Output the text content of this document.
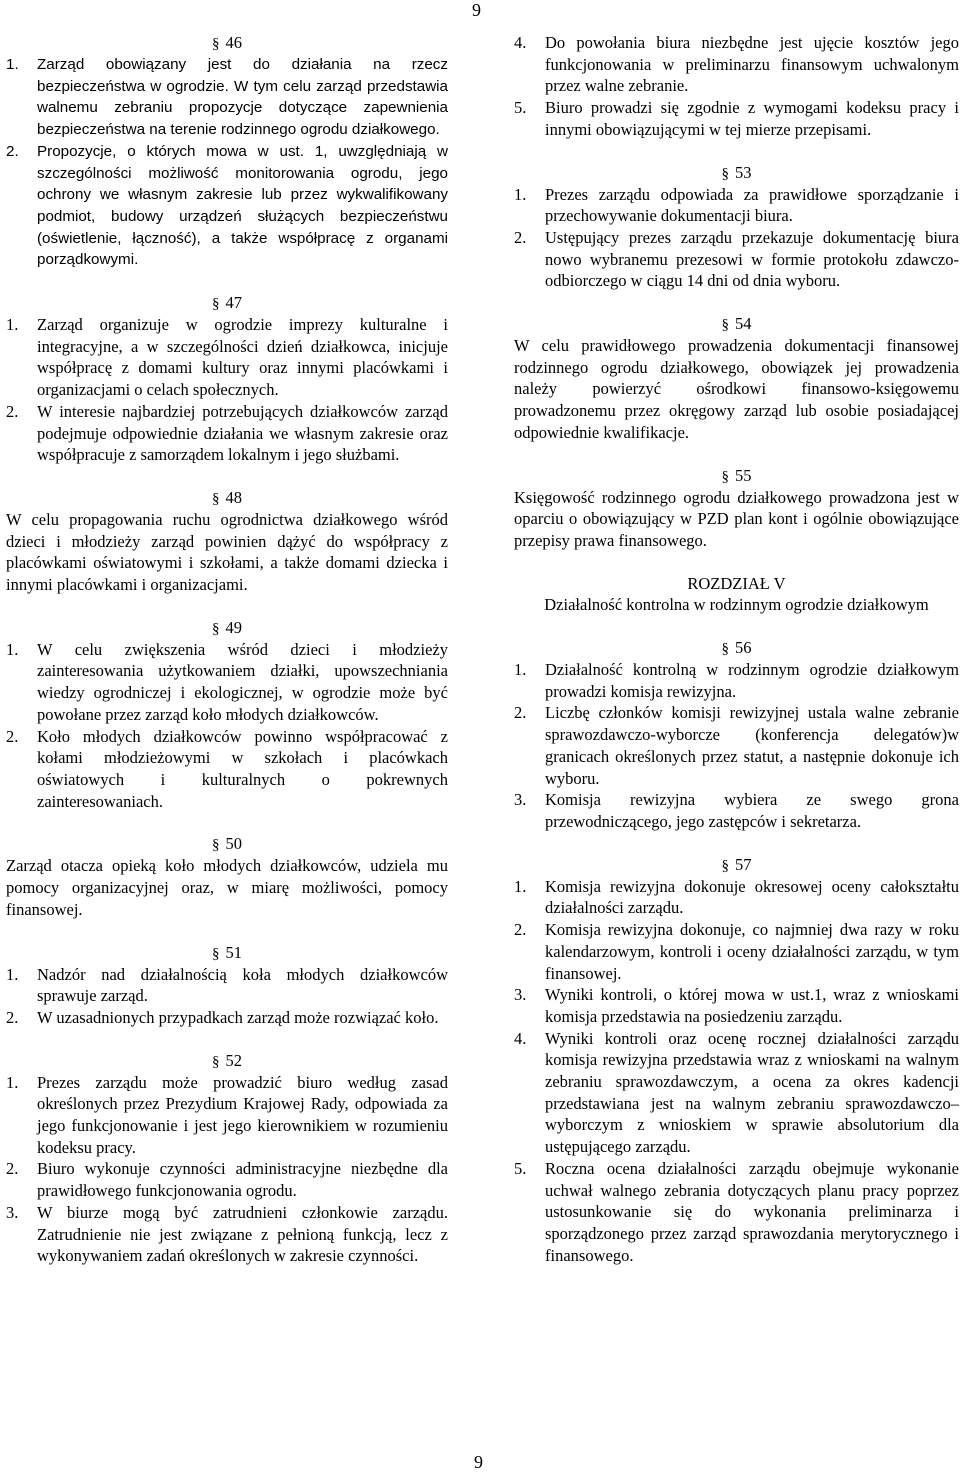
9
9
§ 46
1. Zarząd obowiązany jest do działania na rzecz bezpieczeństwa w ogrodzie. W tym celu zarząd przedstawia walnemu zebraniu propozycje dotyczące zapewnienia bezpieczeństwa na terenie rodzinnego ogrodu działkowego.
2. Propozycje, o których mowa w ust. 1, uwzględniają w szczególności możliwość monitorowania ogrodu, jego ochrony we własnym zakresie lub przez wykwalifikowany podmiot, budowy urządzeń służących bezpieczeństwu (oświetlenie, łączność), a także współpracę z organami porządkowymi.
§ 47
1. Zarząd organizuje w ogrodzie imprezy kulturalne i integracyjne, a w szczególności dzień działkowca, inicjuje współpracę z domami kultury oraz innymi placówkami i organizacjami o celach społecznych.
2. W interesie najbardziej potrzebujących działkowców zarząd podejmuje odpowiednie działania we własnym zakresie oraz współpracuje z samorządem lokalnym i jego służbami.
§ 48
W celu propagowania ruchu ogrodnictwa działkowego wśród dzieci i młodzieży zarząd powinien dążyć do współpracy z placówkami oświatowymi i szkołami, a także domami dziecka i innymi placówkami i organizacjami.
§ 49
1. W celu zwiększenia wśród dzieci i młodzieży zainteresowania użytkowaniem działki, upowszechniania wiedzy ogrodniczej i ekologicznej, w ogrodzie może być powołane przez zarząd koło młodych działkowców.
2. Koło młodych działkowców powinno współpracować z kołami młodzieżowymi w szkołach i placówkach oświatowych i kulturalnych o pokrewnych zainteresowaniach.
§ 50
Zarząd otacza opieką koło młodych działkowców, udziela mu pomocy organizacyjnej oraz, w miarę możliwości, pomocy finansowej.
§ 51
1. Nadzór nad działalnością koła młodych działkowców sprawuje zarząd.
2. W uzasadnionych przypadkach zarząd może rozwiązać koło.
§ 52
1. Prezes zarządu może prowadzić biuro według zasad określonych przez Prezydium Krajowej Rady, odpowiada za jego funkcjonowanie i jest jego kierownikiem w rozumieniu kodeksu pracy.
2. Biuro wykonuje czynności administracyjne niezbędne dla prawidłowego funkcjonowania ogrodu.
3. W biurze mogą być zatrudnieni członkowie zarządu. Zatrudnienie nie jest związane z pełnioną funkcją, lecz z wykonywaniem zadań określonych w zakresie czynności.
4. Do powołania biura niezbędne jest ujęcie kosztów jego funkcjonowania w preliminarzu finansowym uchwalonym przez walne zebranie.
5. Biuro prowadzi się zgodnie z wymogami kodeksu pracy i innymi obowiązującymi w tej mierze przepisami.
§ 53
1. Prezes zarządu odpowiada za prawidłowe sporządzanie i przechowywanie dokumentacji biura.
2. Ustępujący prezes zarządu przekazuje dokumentację biura nowo wybranemu prezesowi w formie protokołu zdawczo-odbiorczego w ciągu 14 dni od dnia wyboru.
§ 54
W celu prawidłowego prowadzenia dokumentacji finansowej rodzinnego ogrodu działkowego, obowiązek jej prowadzenia należy powierzyć ośrodkowi finansowo-księgowemu prowadzonemu przez okręgowy zarząd lub osobie posiadającej odpowiednie kwalifikacje.
§ 55
Księgowość rodzinnego ogrodu działkowego prowadzona jest w oparciu o obowiązujący w PZD plan kont i ogólnie obowiązujące przepisy prawa finansowego.
ROZDZIAŁ V
Działalność kontrolna w rodzinnym ogrodzie działkowym
§ 56
1. Działalność kontrolną w rodzinnym ogrodzie działkowym prowadzi komisja rewizyjna.
2. Liczbę członków komisji rewizyjnej ustala walne zebranie sprawozdawczo-wyborcze (konferencja delegatów)w granicach określonych przez statut, a następnie dokonuje ich wyboru.
3. Komisja rewizyjna wybiera ze swego grona przewodniczącego, jego zastępców i sekretarza.
§ 57
1. Komisja rewizyjna dokonuje okresowej oceny całokształtu działalności zarządu.
2. Komisja rewizyjna dokonuje, co najmniej dwa razy w roku kalendarzowym, kontroli i oceny działalności zarządu, w tym finansowej.
3. Wyniki kontroli, o której mowa w ust.1, wraz z wnioskami komisja przedstawia na posiedzeniu zarządu.
4. Wyniki kontroli oraz ocenę rocznej działalności zarządu komisja rewizyjna przedstawia wraz z wnioskami na walnym zebraniu sprawozdawczym, a ocena za okres kadencji przedstawiana jest na walnym zebraniu sprawozdawczo–wyborczym z wnioskiem w sprawie absolutorium dla ustępującego zarządu.
5. Roczna ocena działalności zarządu obejmuje wykonanie uchwał walnego zebrania dotyczących planu pracy poprzez ustosunkowanie się do wykonania preliminarza i sporządzonego przez zarząd sprawozdania merytorycznego i finansowego.
